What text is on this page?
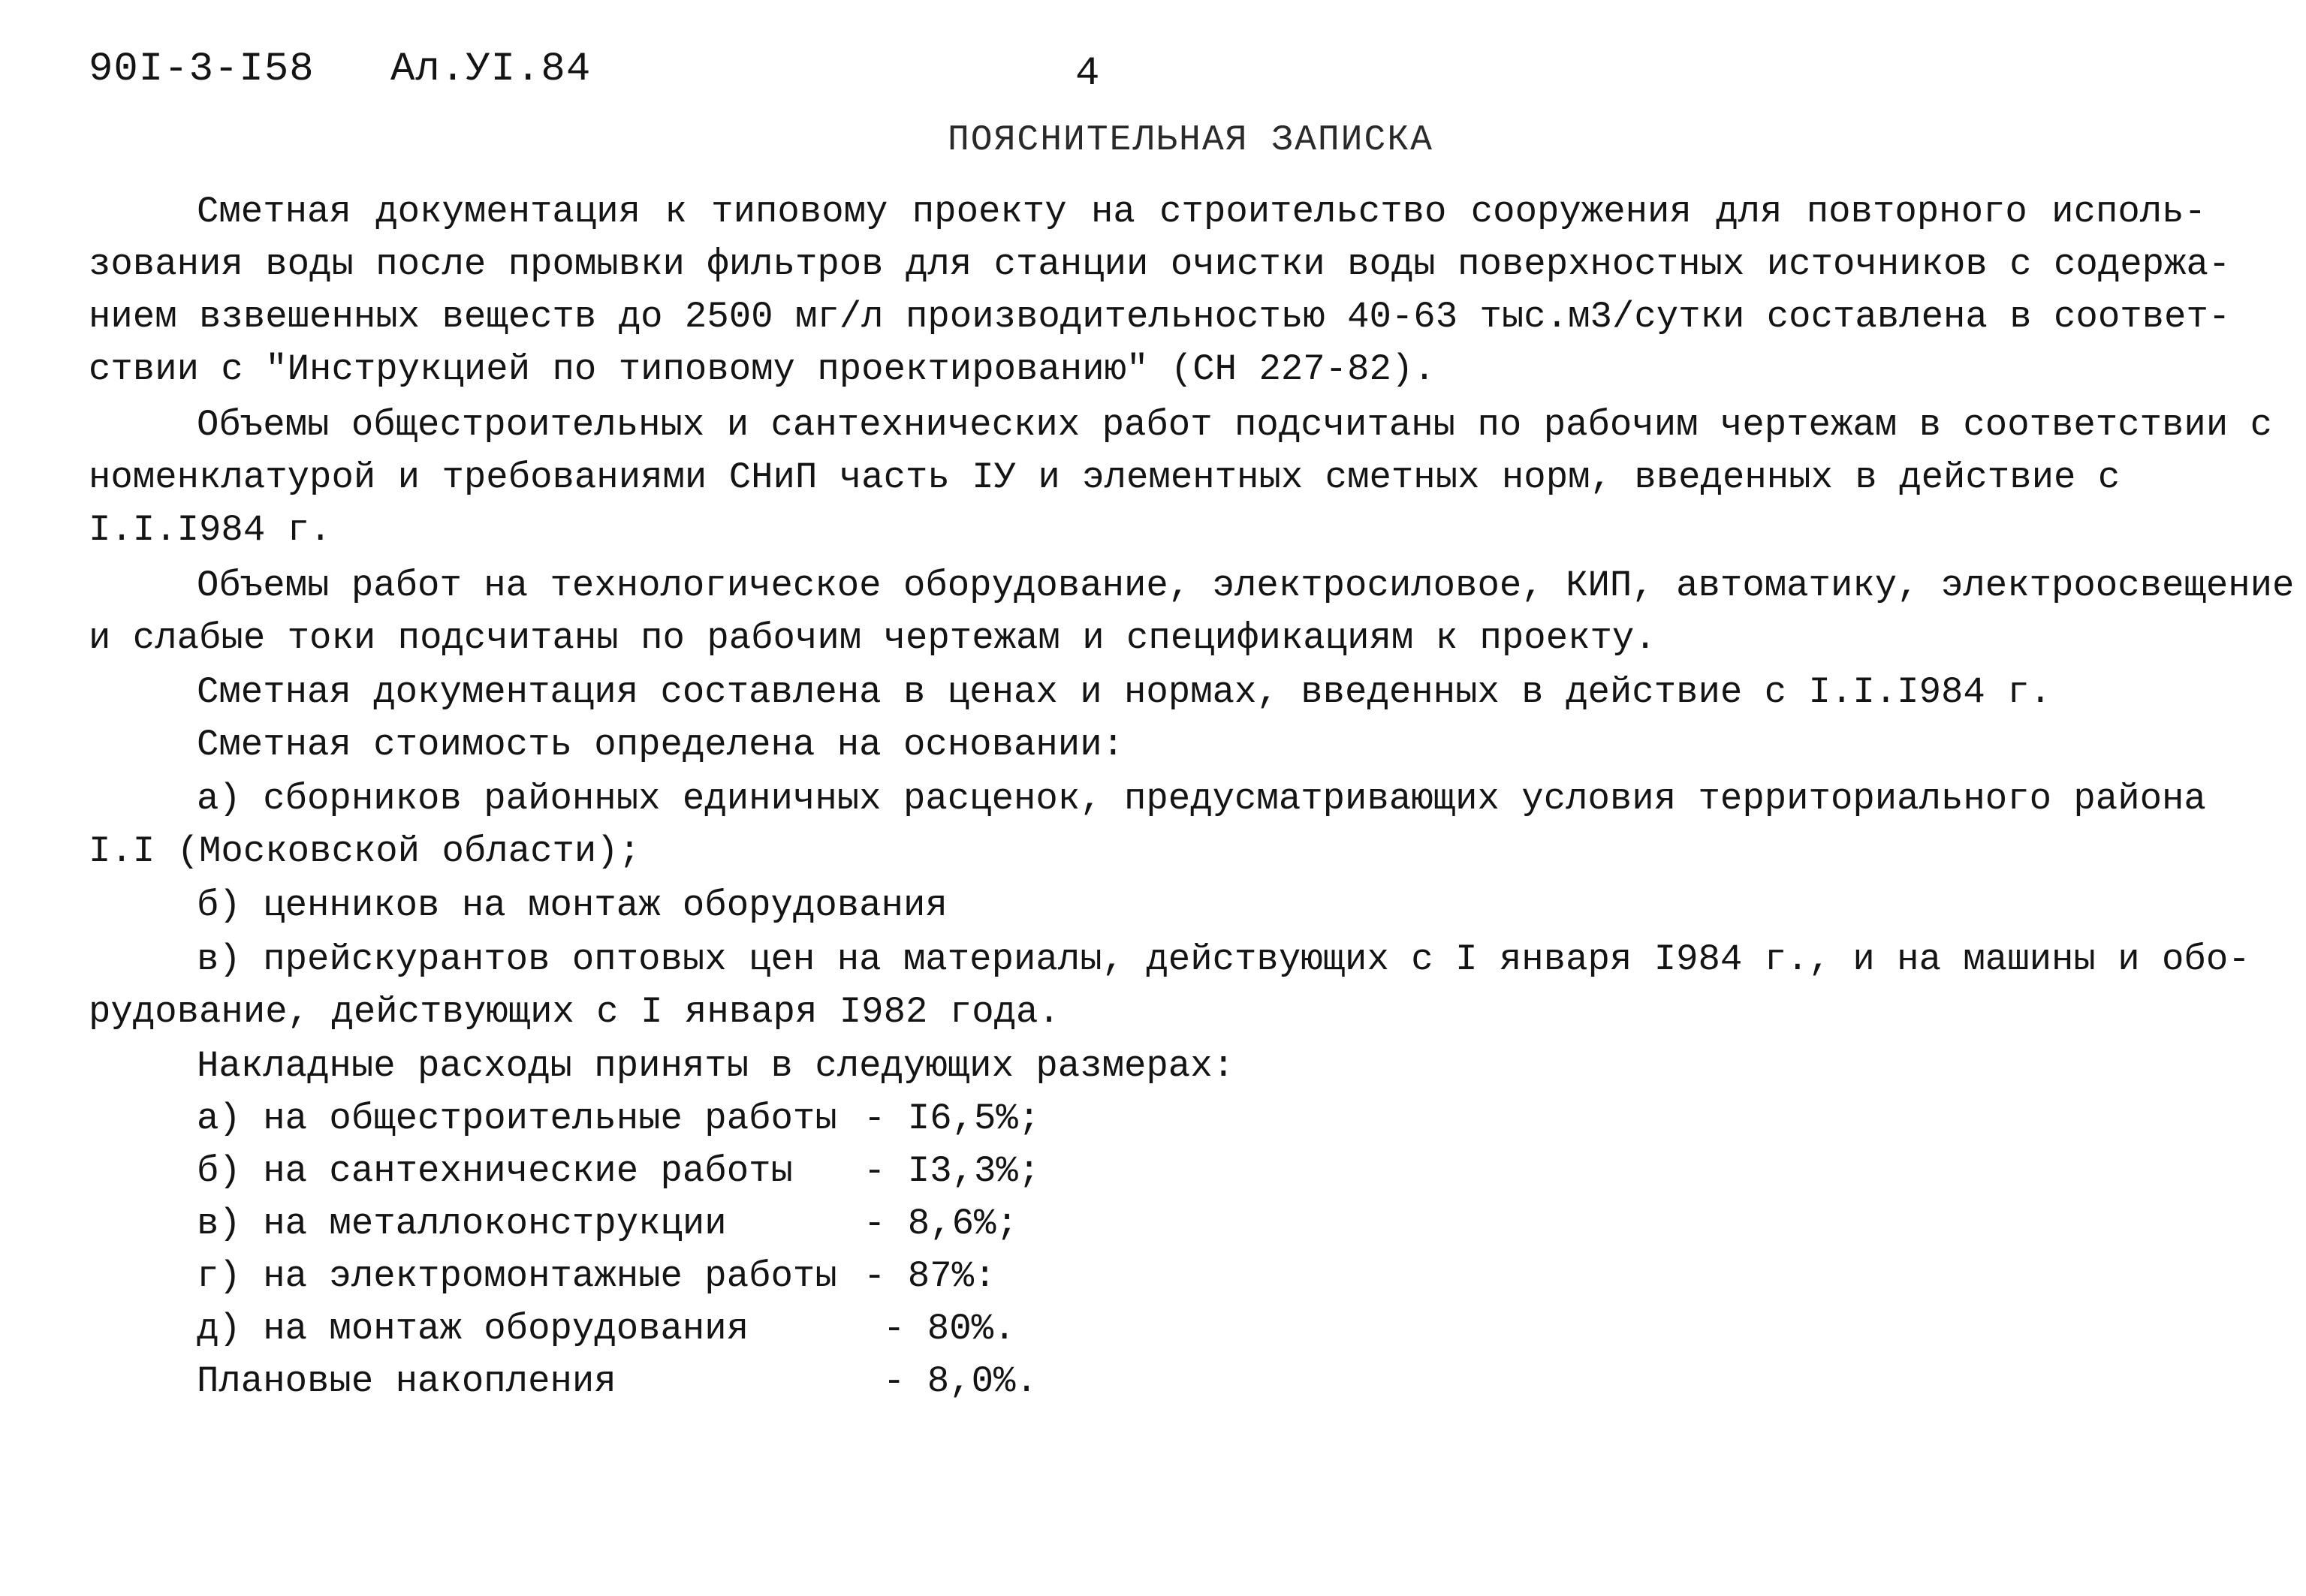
90I-3-I58 Ал.УI.84	4
ПОЯСНИТЕЛЬНАЯ ЗАПИСКА
Сметная документация к типовому проекту на строительство сооружения для повторного исполь-
зования воды после промывки фильтров для станции очистки воды поверхностных источников с содержа-
нием взвешенных веществ до 2500 мг/л производительностью 40-63 тыс.м3/сутки составлена в соответ-
ствии с "Инструкцией по типовому проектированию" (СН 227-82).
Объемы общестроительных и сантехнических работ подсчитаны по рабочим чертежам в соответствии с
номенклатурой и требованиями СНиП часть IУ и элементных сметных норм, введенных в действие с
I.I.I984 г.
Объемы работ на технологическое оборудование, электросиловое, КИП, автоматику, электроосвещение
и слабые токи подсчитаны по рабочим чертежам и спецификациям к проекту.
Сметная документация составлена в ценах и нормах, введенных в действие с I.I.I984 г.
Сметная стоимость определена на основании:
а) сборников районных единичных расценок, предусматривающих условия территориального района
I.I (Московской области);
б) ценников на монтаж оборудования
в) прейскурантов оптовых цен на материалы, действующих с I января I984 г., и на машины и обо-
рудование, действующих с I января I982 года.
Накладные расходы приняты в следующих размерах:
а) на общестроительные работы - I6,5%;
б) на сантехнические работы - I3,3%;
в) на металлоконструкции	- 8,6%;
г) на электромонтажные работы - 87%:
д) на монтаж оборудования	- 80%.
Плановые накопления	- 8,0%.
